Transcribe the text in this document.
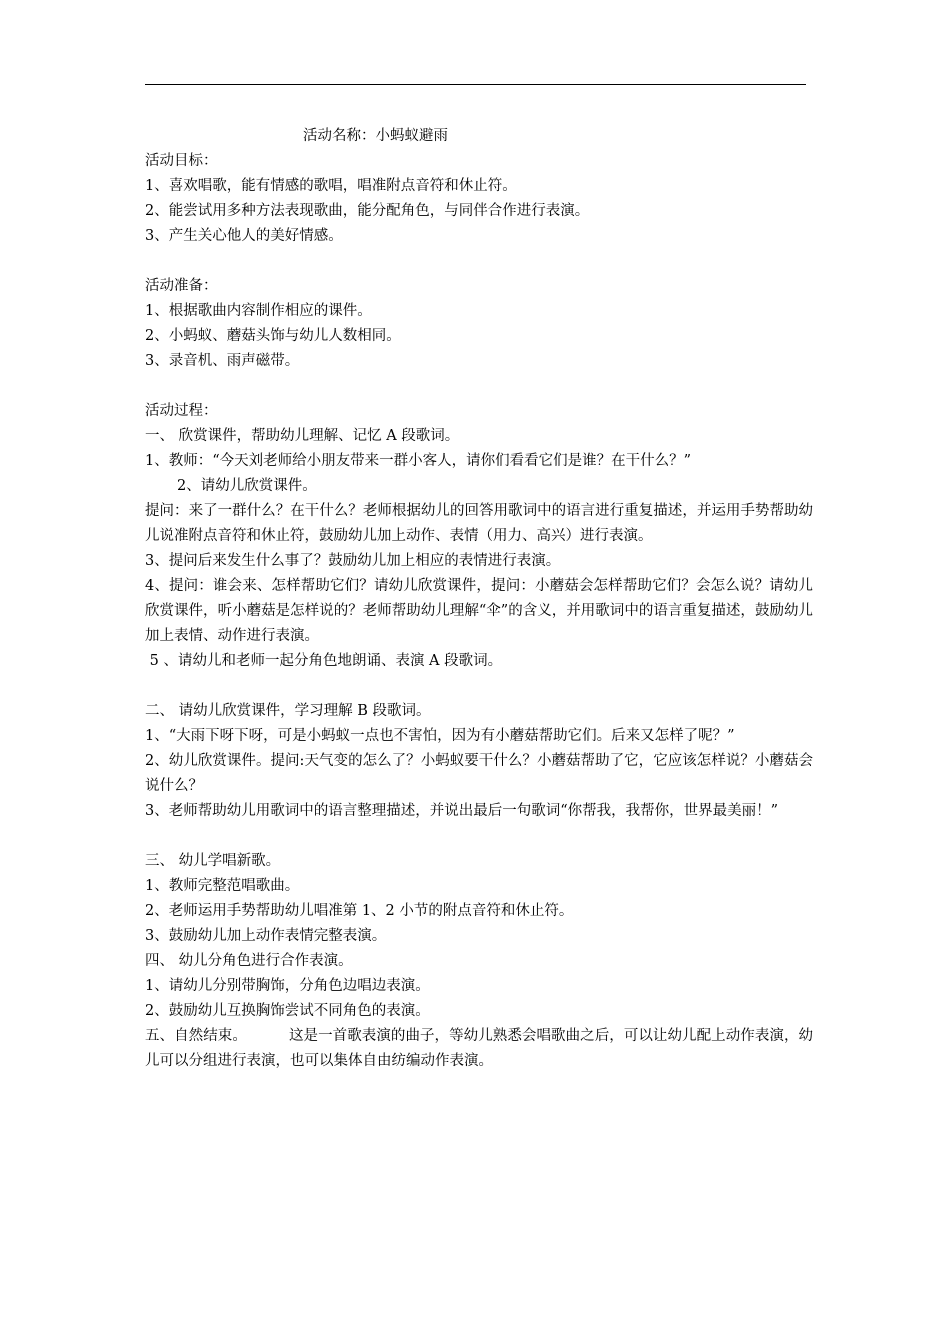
活动名称：小蚂蚁避雨

活动目标：

1、喜欢唱歌，能有情感的歌唱，唱准附点音符和休止符。

2、能尝试用多种方法表现歌曲，能分配角色，与同伴合作进行表演。

3、产生关心他人的美好情感。

活动准备：

1、根据歌曲内容制作相应的课件。

2、小蚂蚁、蘑菇头饰与幼儿人数相同。

3、录音机、雨声磁带。

活动过程：

一、 欣赏课件，帮助幼儿理解、记忆 A 段歌词。

1、教师：“今天刘老师给小朋友带来一群小客人，请你们看看它们是谁？在干什么？”

2、请幼儿欣赏课件。

提问：来了一群什么？在干什么？老师根据幼儿的回答用歌词中的语言进行重复描述，并运用手势帮助幼儿说准附点音符和休止符，鼓励幼儿加上动作、表情（用力、高兴）进行表演。

3、提问后来发生什么事了？鼓励幼儿加上相应的表情进行表演。

4、提问：谁会来、怎样帮助它们？请幼儿欣赏课件，提问：小蘑菇会怎样帮助它们？会怎么说？请幼儿欣赏课件，听小蘑菇是怎样说的？老师帮助幼儿理解“伞”的含义，并用歌词中的语言重复描述，鼓励幼儿加上表情、动作进行表演。

5 、请幼儿和老师一起分角色地朗诵、表演 A 段歌词。

二、 请幼儿欣赏课件，学习理解 B 段歌词。

1、“大雨下呀下呀，可是小蚂蚁一点也不害怕，因为有小蘑菇帮助它们。后来又怎样了呢？”

2、幼儿欣赏课件。提问:天气变的怎么了？小蚂蚁要干什么？小蘑菇帮助了它，它应该怎样说？小蘑菇会说什么？

3、老师帮助幼儿用歌词中的语言整理描述，并说出最后一句歌词“你帮我，我帮你，世界最美丽！”

三、 幼儿学唱新歌。

1、教师完整范唱歌曲。

2、老师运用手势帮助幼儿唱准第 1、2 小节的附点音符和休止符。

3、鼓励幼儿加上动作表情完整表演。

四、 幼儿分角色进行合作表演。

1、请幼儿分别带胸饰，分角色边唱边表演。

2、鼓励幼儿互换胸饰尝试不同角色的表演。

五、自然结束。	这是一首歌表演的曲子，等幼儿熟悉会唱歌曲之后，可以让幼儿配上动作表演，幼儿可以分组进行表演，也可以集体自由纺编动作表演。
